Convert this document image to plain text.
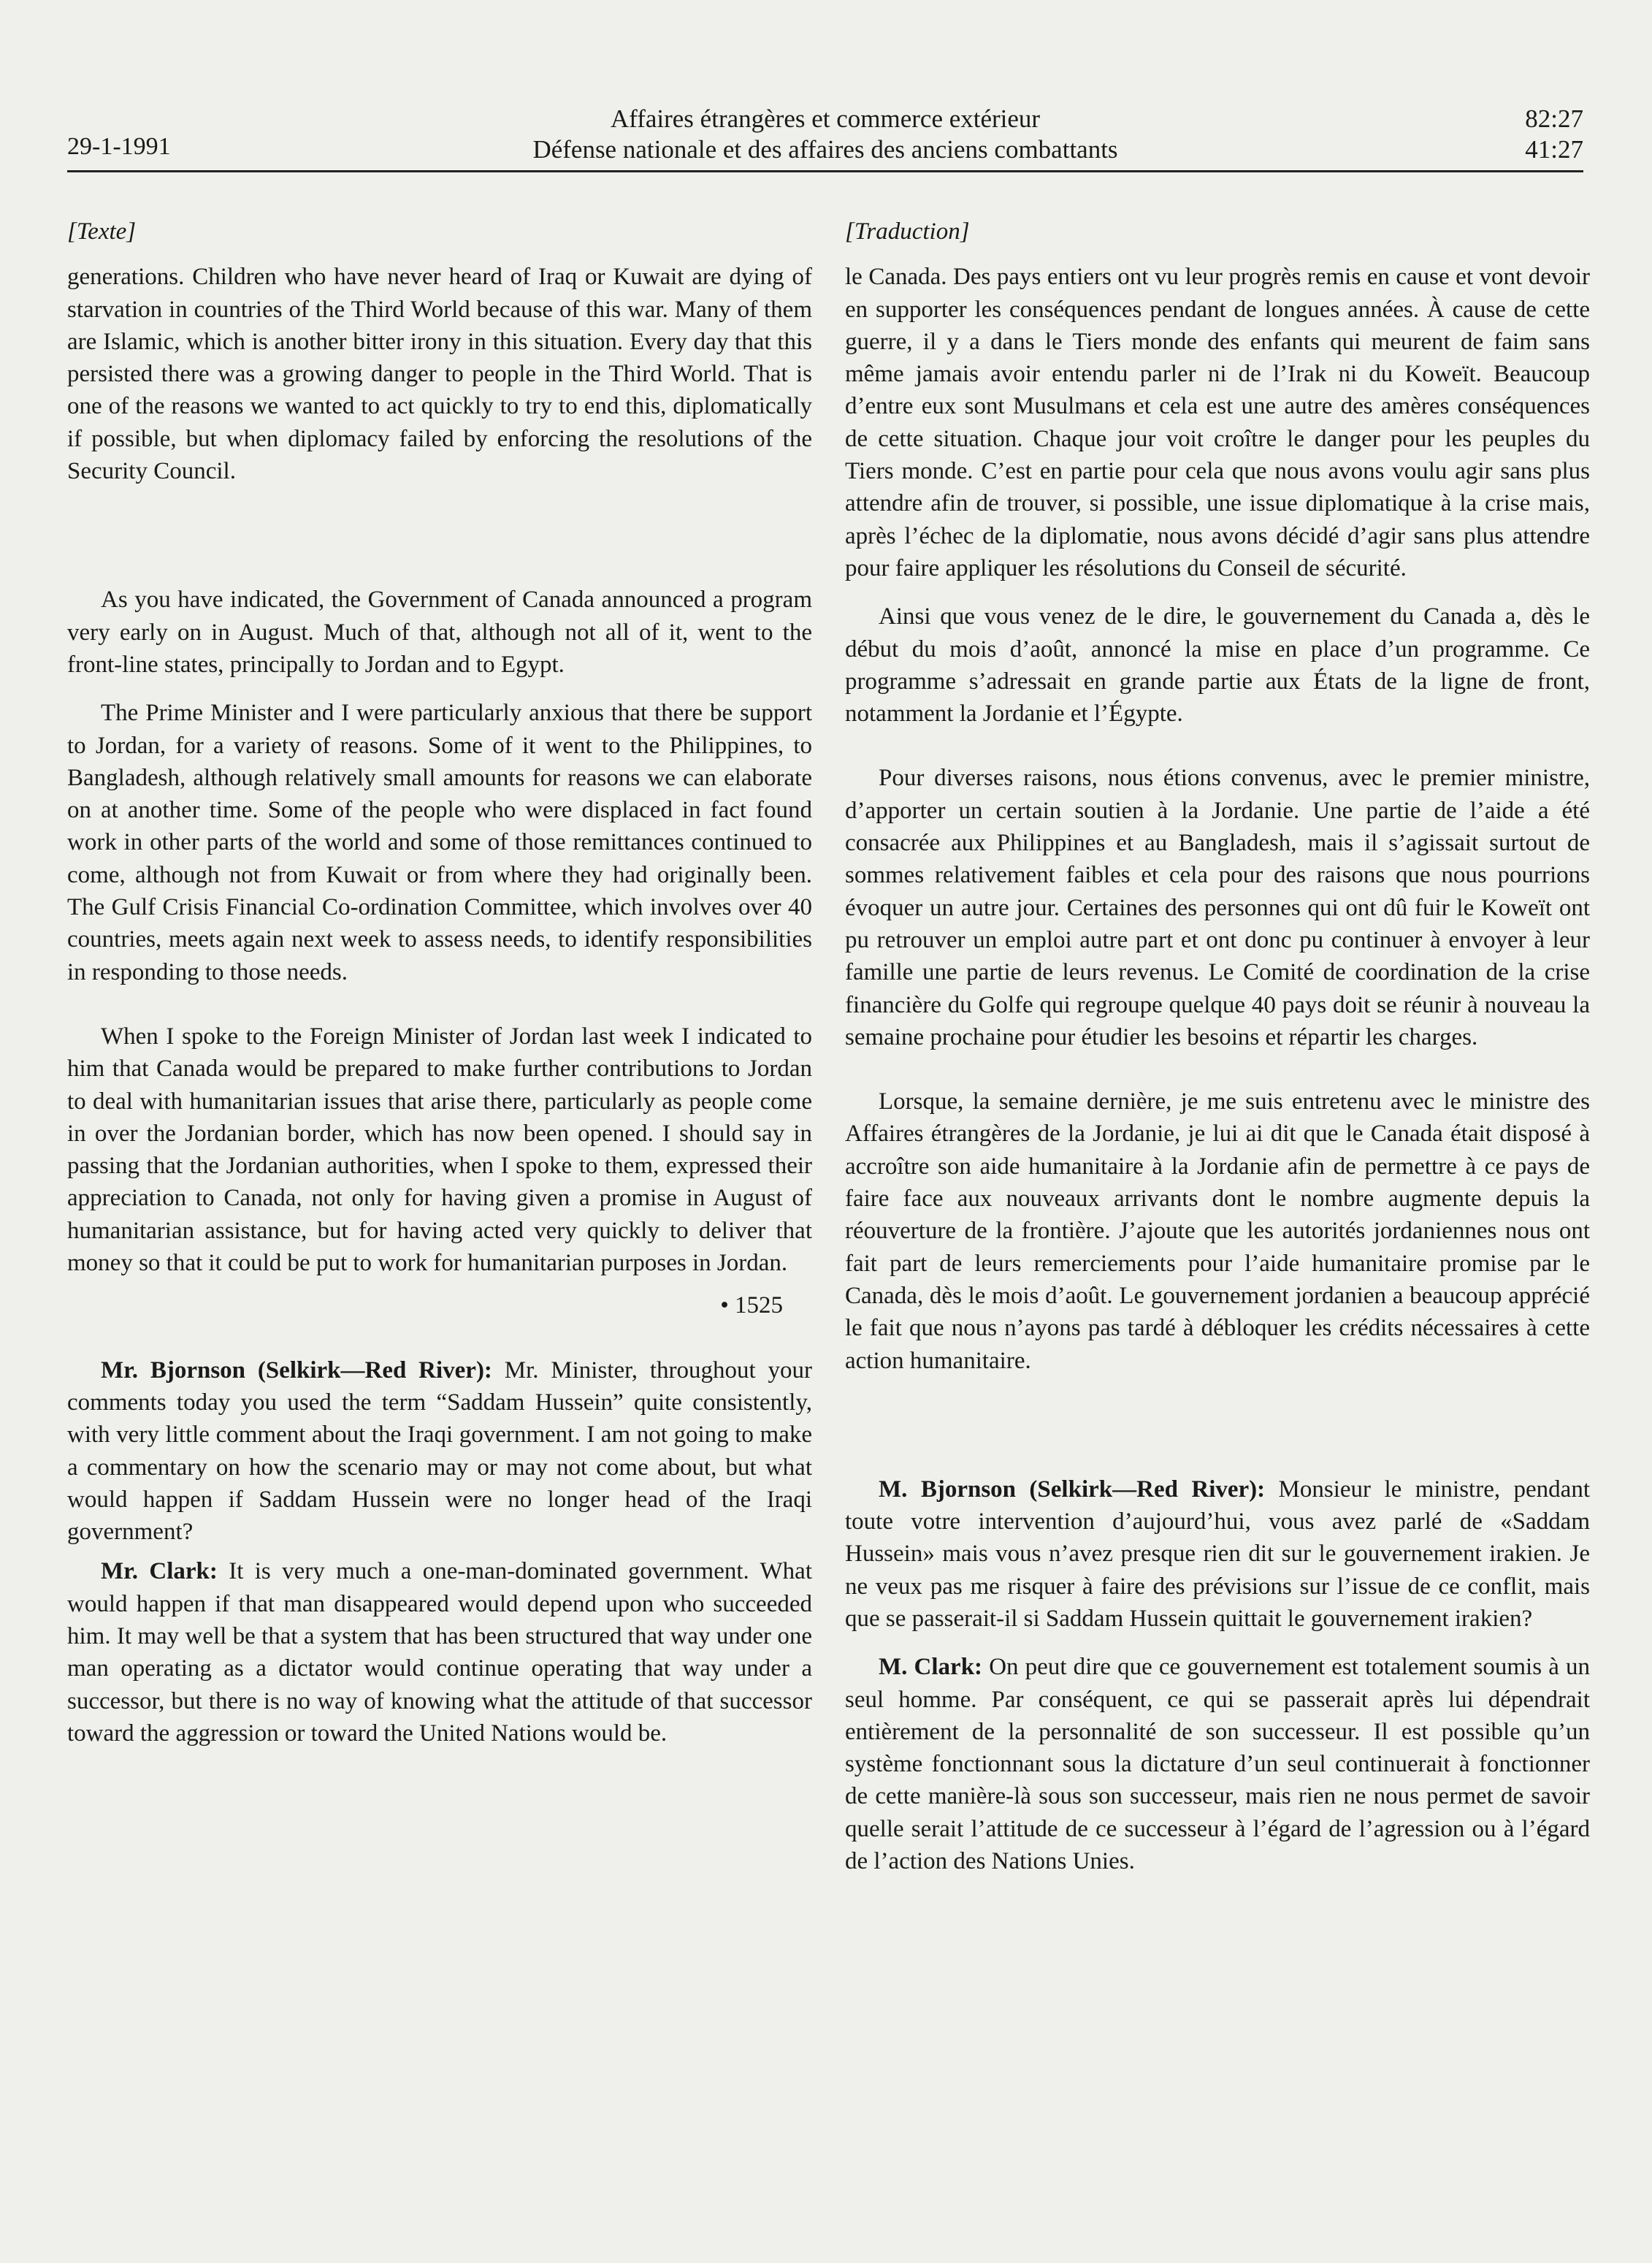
29-1-1991
Affaires étrangères et commerce extérieur
Défense nationale et des affaires des anciens combattants
82:27
41:27
[Texte]

generations. Children who have never heard of Iraq or Kuwait are dying of starvation in countries of the Third World because of this war. Many of them are Islamic, which is another bitter irony in this situation. Every day that this persisted there was a growing danger to people in the Third World. That is one of the reasons we wanted to act quickly to try to end this, diplomatically if possible, but when diplomacy failed by enforcing the resolutions of the Security Council.

As you have indicated, the Government of Canada announced a program very early on in August. Much of that, although not all of it, went to the front-line states, principally to Jordan and to Egypt.

The Prime Minister and I were particularly anxious that there be support to Jordan, for a variety of reasons. Some of it went to the Philippines, to Bangladesh, although relatively small amounts for reasons we can elaborate on at another time. Some of the people who were displaced in fact found work in other parts of the world and some of those remittances continued to come, although not from Kuwait or from where they had originally been. The Gulf Crisis Financial Co-ordination Committee, which involves over 40 countries, meets again next week to assess needs, to identify responsibilities in responding to those needs.

When I spoke to the Foreign Minister of Jordan last week I indicated to him that Canada would be prepared to make further contributions to Jordan to deal with humanitarian issues that arise there, particularly as people come in over the Jordanian border, which has now been opened. I should say in passing that the Jordanian authorities, when I spoke to them, expressed their appreciation to Canada, not only for having given a promise in August of humanitarian assistance, but for having acted very quickly to deliver that money so that it could be put to work for humanitarian purposes in Jordan.

• 1525

Mr. Bjornson (Selkirk—Red River): Mr. Minister, throughout your comments today you used the term “Saddam Hussein” quite consistently, with very little comment about the Iraqi government. I am not going to make a commentary on how the scenario may or may not come about, but what would happen if Saddam Hussein were no longer head of the Iraqi government?

Mr. Clark: It is very much a one-man-dominated government. What would happen if that man disappeared would depend upon who succeeded him. It may well be that a system that has been structured that way under one man operating as a dictator would continue operating that way under a successor, but there is no way of knowing what the attitude of that successor toward the aggression or toward the United Nations would be.

[Traduction]

le Canada. Des pays entiers ont vu leur progrès remis en cause et vont devoir en supporter les conséquences pendant de longues années. À cause de cette guerre, il y a dans le Tiers monde des enfants qui meurent de faim sans même jamais avoir entendu parler ni de l’Irak ni du Koweït. Beaucoup d’entre eux sont Musulmans et cela est une autre des amères conséquences de cette situation. Chaque jour voit croître le danger pour les peuples du Tiers monde. C’est en partie pour cela que nous avons voulu agir sans plus attendre afin de trouver, si possible, une issue diplomatique à la crise mais, après l’échec de la diplomatie, nous avons décidé d’agir sans plus attendre pour faire appliquer les résolutions du Conseil de sécurité.

Ainsi que vous venez de le dire, le gouvernement du Canada a, dès le début du mois d’août, annoncé la mise en place d’un programme. Ce programme s’adressait en grande partie aux États de la ligne de front, notamment la Jordanie et l’Égypte.

Pour diverses raisons, nous étions convenus, avec le premier ministre, d’apporter un certain soutien à la Jordanie. Une partie de l’aide a été consacrée aux Philippines et au Bangladesh, mais il s’agissait surtout de sommes relativement faibles et cela pour des raisons que nous pourrions évoquer un autre jour. Certaines des personnes qui ont dû fuir le Koweït ont pu retrouver un emploi autre part et ont donc pu continuer à envoyer à leur famille une partie de leurs revenus. Le Comité de coordination de la crise financière du Golfe qui regroupe quelque 40 pays doit se réunir à nouveau la semaine prochaine pour étudier les besoins et répartir les charges.

Lorsque, la semaine dernière, je me suis entretenu avec le ministre des Affaires étrangères de la Jordanie, je lui ai dit que le Canada était disposé à accroître son aide humanitaire à la Jordanie afin de permettre à ce pays de faire face aux nouveaux arrivants dont le nombre augmente depuis la réouverture de la frontière. J’ajoute que les autorités jordaniennes nous ont fait part de leurs remerciements pour l’aide humanitaire promise par le Canada, dès le mois d’août. Le gouvernement jordanien a beaucoup apprécié le fait que nous n’ayons pas tardé à débloquer les crédits nécessaires à cette action humanitaire.

M. Bjornson (Selkirk—Red River): Monsieur le ministre, pendant toute votre intervention d’aujourd’hui, vous avez parlé de «Saddam Hussein» mais vous n’avez presque rien dit sur le gouvernement irakien. Je ne veux pas me risquer à faire des prévisions sur l’issue de ce conflit, mais que se passerait-il si Saddam Hussein quittait le gouvernement irakien?

M. Clark: On peut dire que ce gouvernement est totalement soumis à un seul homme. Par conséquent, ce qui se passerait après lui dépendrait entièrement de la personnalité de son successeur. Il est possible qu’un système fonctionnant sous la dictature d’un seul continuerait à fonctionner de cette manière-là sous son successeur, mais rien ne nous permet de savoir quelle serait l’attitude de ce successeur à l’égard de l’agression ou à l’égard de l’action des Nations Unies.
